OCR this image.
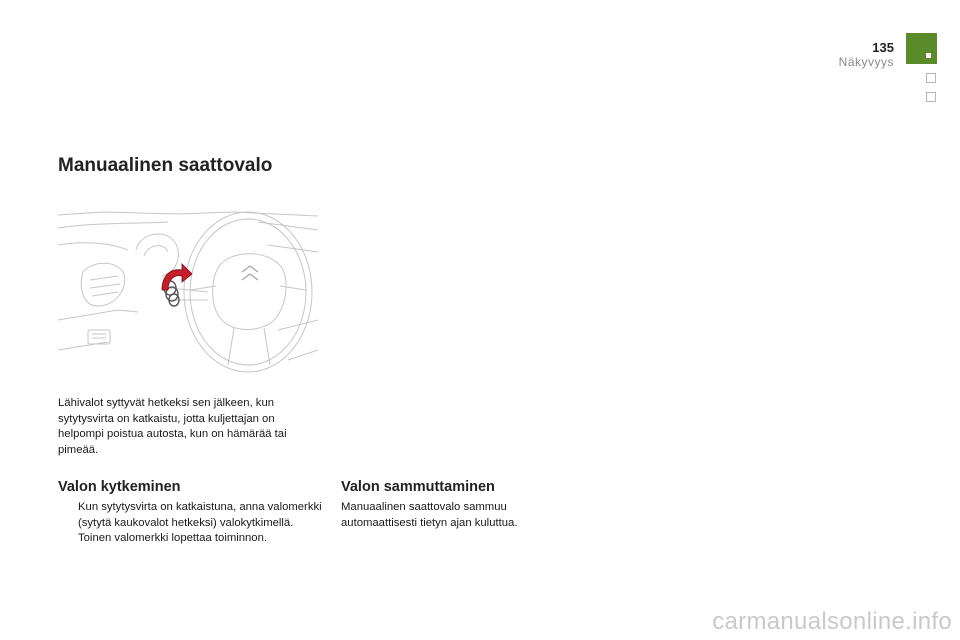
135
Näkyvyys
Manuaalinen saattovalo

Lähivalot syttyvät hetkeksi sen jälkeen, kun sytytysvirta on katkaistu, jotta kuljettajan on helpompi poistua autosta, kun on hämärää tai pimeää.

Valon kytkeminen
Kun sytytysvirta on katkaistuna, anna valomerkki (sytytä kaukovalot hetkeksi) valokytkimellä.
Toinen valomerkki lopettaa toiminnon.
Valon sammuttaminen

Manuaalinen saattovalo sammuu automaattisesti tietyn ajan kuluttua.

carmanualsonline.info
